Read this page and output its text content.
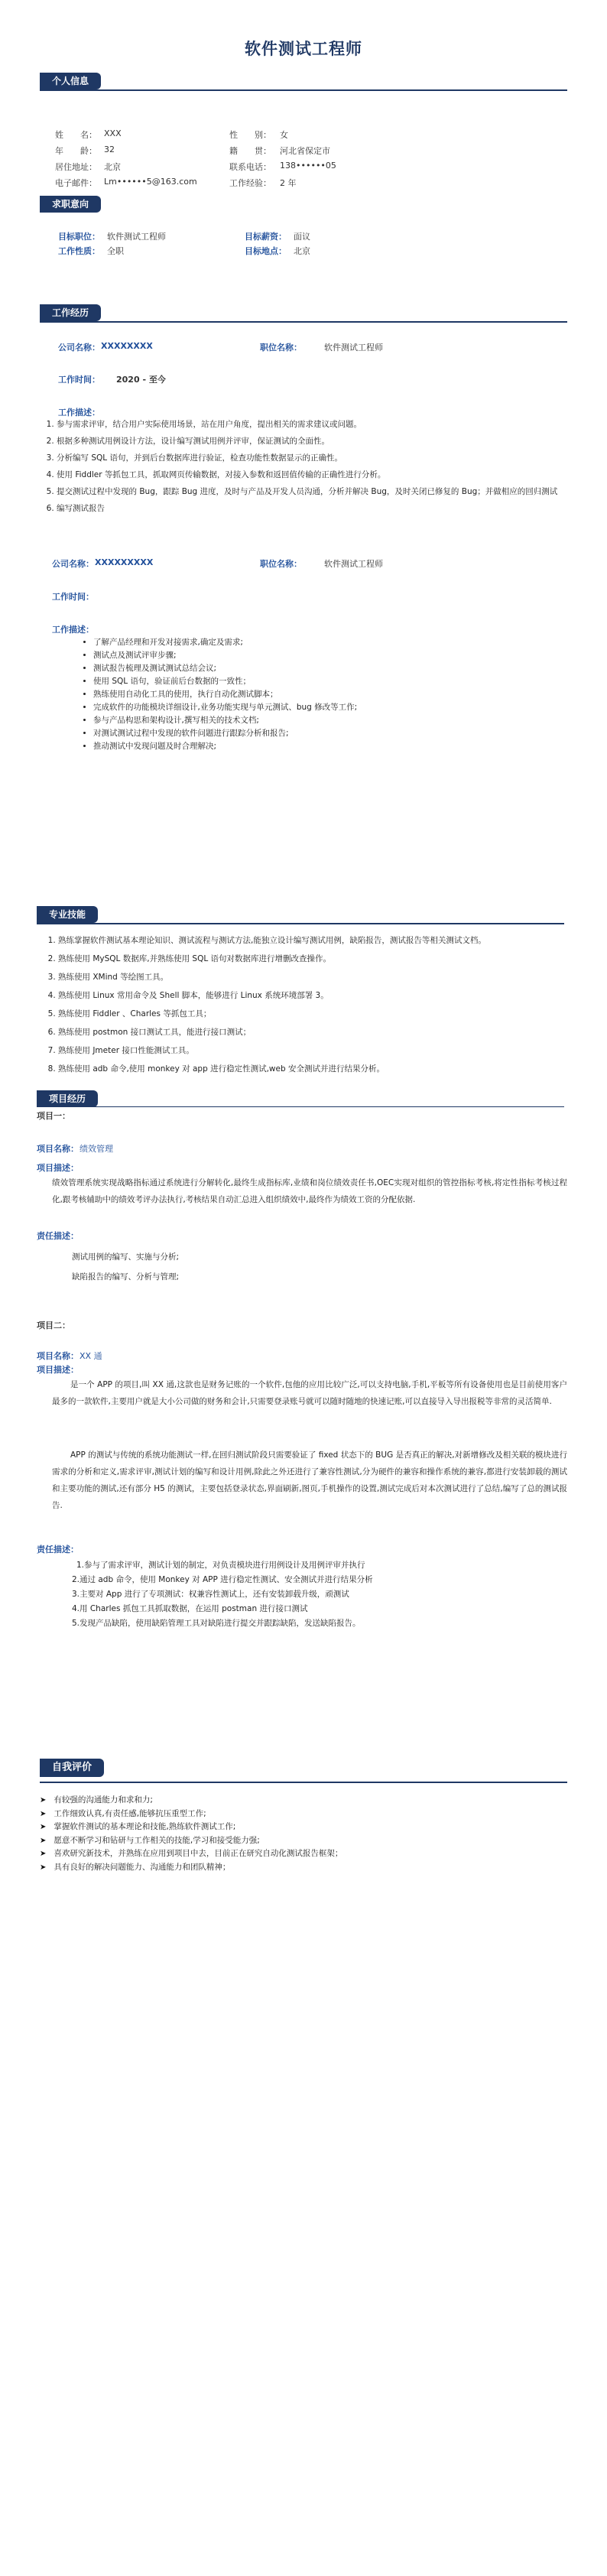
软件测试工程师
个人信息
姓　　名： XXX	性　　别： 女
年　　龄： 32	籍　　贯： 河北省保定市
居住地址： 北京	联系电话： 138••••••05
电子邮件： Lm••••••5@163.com	工作经验： 2 年
求职意向
目标职位： 软件测试工程师	目标薪资： 面议
工作性质： 全职	目标地点： 北京
工作经历
公司名称： XXXXXXXX	职位名称：	软件测试工程师
工作时间： 2020 - 至今
工作描述：
1. 参与需求评审，结合用户实际使用场景，站在用户角度，提出相关的需求建议或问题。
2. 根据多种测试用例设计方法，设计编写测试用例并评审，保证测试的全面性。
3. 分析编写 SQL 语句，并到后台数据库进行验证，检查功能性数据显示的正确性。
4. 使用 Fiddler 等抓包工具，抓取网页传输数据，对接入参数和返回值传输的正确性进行分析。
5. 提交测试过程中发现的 Bug，跟踪 Bug 进度，及时与产品及开发人员沟通，分析并解决 Bug，及时关闭已修复的 Bug；并做相应的回归测试
6. 编写测试报告
公司名称： XXXXXXXXX	职位名称：	软件测试工程师
工作时间：
工作描述：
• 了解产品经理和开发对接需求,确定及需求;
• 测试点及测试评审步骤;
• 测试报告梳理及测试测试总结会议;
• 使用 SQL 语句，验证前后台数据的一致性；
• 熟练使用自动化工具的使用，执行自动化测试脚本；
• 完成软件的功能模块详细设计,业务功能实现与单元测试、bug 修改等工作;
• 参与产品构思和架构设计,撰写相关的技术文档;
• 对测试测试过程中发现的软件问题进行跟踪分析和报告;
• 推动测试中发现问题及时合理解决;
专业技能
1. 熟练掌握软件测试基本理论知识、测试流程与测试方法,能独立设计编写测试用例，缺陷报告，测试报告等相关测试文档。
2. 熟练使用 MySQL 数据库,并熟练使用 SQL 语句对数据库进行增删改查操作。
3. 熟练使用 XMind 等绘图工具。
4. 熟练使用 Linux 常用命令及 Shell 脚本，能够进行 Linux 系统环境部署 3。
5. 熟练使用 Fiddler 、Charles 等抓包工具；
6. 熟练使用 postmon 接口测试工具，能进行接口测试；
7. 熟练使用 Jmeter 接口性能测试工具。
8. 熟练使用 adb 命令,使用 monkey 对 app 进行稳定性测试,web 安全测试并进行结果分析。
项目经历
项目一：
项目名称： 绩效管理
项目描述：
绩效管理系统实现战略指标通过系统进行分解转化,最终生成指标库,业绩和岗位绩效责任书,OEC实现对组织的管控指标考核,将定性指标考核过程化,跟考核辅助中的绩效考评办法执行,考核结果自动汇总进入组织绩效中,最终作为绩效工资的分配依据.
责任描述：
测试用例的编写、实施与分析;
缺陷报告的编写、分析与管理;
项目二：
项目名称： XX 通
项目描述：
是一个 APP 的项目,叫 XX 通,这款也是财务记账的一个软件,包他的应用比较广泛,可以支持电脑,手机,平板等所有设备使用也是目前使用客户最多的一款软件,主要用户就是大小公司做的财务和会计,只需要登录账号就可以随时随地的快速记账,可以直接导入导出报税等非常的灵活简单.
APP 的测试与传统的系统功能测试一样,在回归测试阶段只需要验证了 fixed 状态下的 BUG 是否真正的解决,对新增修改及相关联的模块进行需求的分析和定义,需求评审,测试计划的编写和设计用例,除此之外还进行了兼容性测试,分为硬件的兼容和操作系统的兼容,都进行安装卸载的测试和主要功能的测试,还有部分 H5 的测试，主要包括登录状态,界面刷新,图页,手机操作的设置,测试完成后对本次测试进行了总结,编写了总的测试报告.
责任描述：
1.参与了需求评审，测试计划的制定，对负责模块进行用例设计及用例评审并执行
2.通过 adb 命令，使用 Monkey 对 APP 进行稳定性测试、安全测试并进行结果分析
3.主要对 App 进行了专项测试：权兼容性测试上，还有安装卸载升级，顽测试
4.用 Charles 抓包工具抓取数据，在运用 postman 进行接口测试
5.发现产品缺陷，使用缺陷管理工具对缺陷进行提交并跟踪缺陷，发送缺陷报告。
自我评价
➤ 有较强的沟通能力和求和力;
➤ 工作细致认真,有责任感,能够抗压重型工作;
➤ 掌握软件测试的基本理论和技能,熟练软件测试工作;
➤ 愿意不断学习和钻研与工作相关的技能,学习和接受能力强;
➤ 喜欢研究新技术，并熟练在应用到项目中去，目前正在研究自动化测试报告框架；
➤ 具有良好的解决问题能力、沟通能力和团队精神；
